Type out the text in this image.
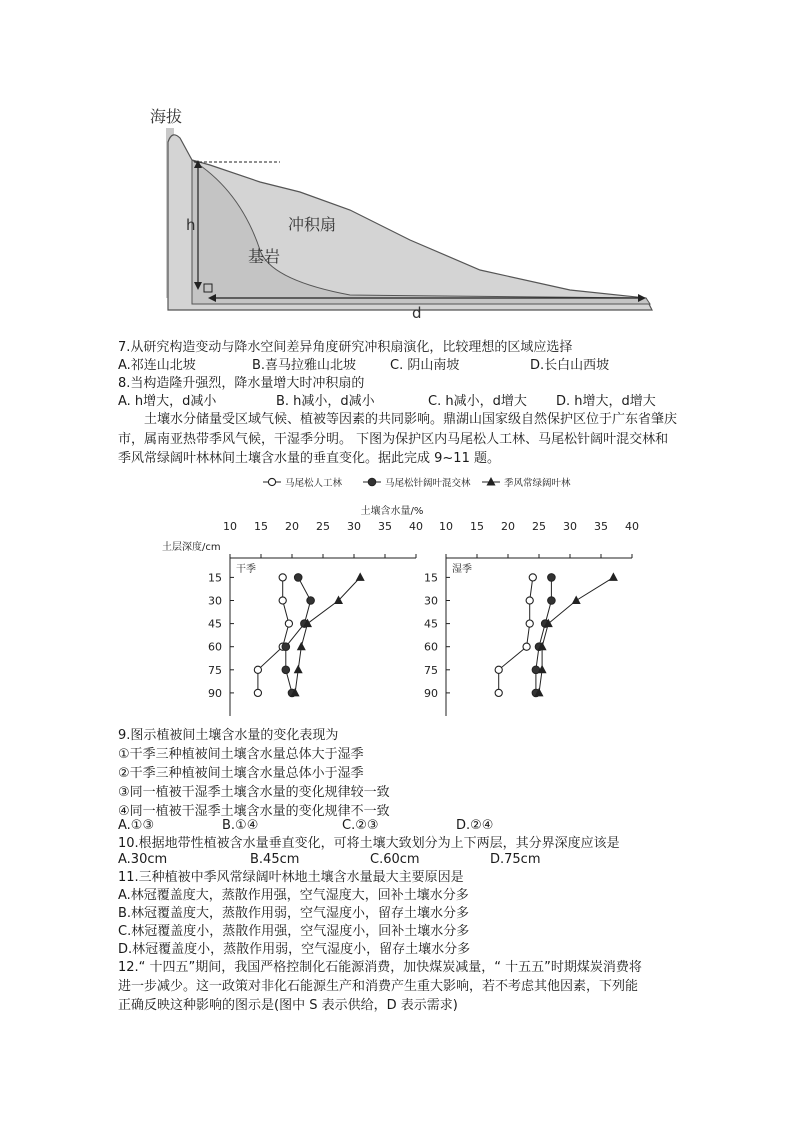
海拔
冲积扇
基岩
h
d
7.从研究构造变动与降水空间差异角度研究冲积扇演化，比较理想的区域应选择
A.祁连山北坡	B.喜马拉雅山北坡	C. 阴山南坡	D.长白山西坡
8.当构造隆升强烈，降水量增大时冲积扇的
A. h增大，d减小	B. h减小，d减小	C. h减小，d增大 D. h增大，d增大
土壤水分储量受区域气候、植被等因素的共同影响。鼎湖山国家级自然保护区位于广东省肇庆市，属南亚热带季风气候，干湿季分明。 下图为保护区内马尾松人工林、马尾松针阔叶混交林和季风常绿阔叶林林间土壤含水量的垂直变化。据此完成 9~11 题。
马尾松人工林	马尾松针阔叶混交林	季风常绿阔叶林
土壤含水量/%
土层深度/cm
10 15 20 25 30 35 40
15
30
45
60
75
90
干季
10 15 20 25 30 35 40
15
30
45
60
75
90
湿季
9.图示植被间土壤含水量的变化表现为
①干季三种植被间土壤含水量总体大于湿季
②干季三种植被间土壤含水量总体小于湿季
③同一植被干湿季土壤含水量的变化规律较一致
④同一植被干湿季土壤含水量的变化规律不一致
A.①③	B.①④	C.②③	D.②④
10.根据地带性植被含水量垂直变化，可将土壤大致划分为上下两层，其分界深度应该是
A.30cm	B.45cm	C.60cm	D.75cm
11.三种植被中季风常绿阔叶林地土壤含水量最大主要原因是
A.林冠覆盖度大，蒸散作用强，空气湿度大，回补土壤水分多
B.林冠覆盖度大，蒸散作用弱，空气湿度小，留存土壤水分多
C.林冠覆盖度小，蒸散作用强，空气湿度小，回补土壤水分多
D.林冠覆盖度小，蒸散作用弱，空气湿度小，留存土壤水分多
12.“ 十四五”期间，我国严格控制化石能源消费，加快煤炭减量，“ 十五五”时期煤炭消费将
进一步减少。这一政策对非化石能源生产和消费产生重大影响，若不考虑其他因素，下列能
正确反映这种影响的图示是(图中 S 表示供给，D 表示需求)
